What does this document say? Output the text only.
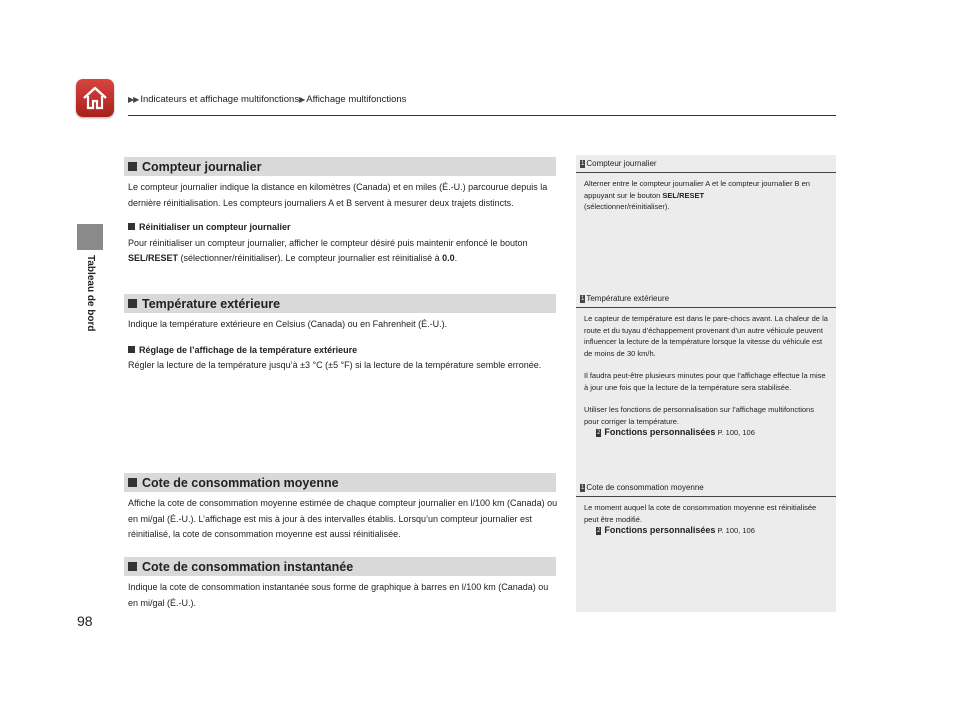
▶▶ Indicateurs et affichage multifonctions▶ Affichage multifonctions
Tableau de bord
98
Compteur journalier
Le compteur journalier indique la distance en kilomètres (Canada) et en miles (É.-U.) parcourue depuis la dernière réinitialisation. Les compteurs journaliers A et B servent à mesurer deux trajets distincts.
Réinitialiser un compteur journalier
Pour réinitialiser un compteur journalier, afficher le compteur désiré puis maintenir enfoncé le bouton SEL/RESET (sélectionner/réinitialiser). Le compteur journalier est réinitialisé à 0.0.
Température extérieure
Indique la température extérieure en Celsius (Canada) ou en Fahrenheit (É.-U.).
Réglage de l’affichage de la température extérieure
Régler la lecture de la température jusqu’à ±3 °C (±5 °F) si la lecture de la température semble erronée.
Cote de consommation moyenne
Affiche la cote de consommation moyenne estimée de chaque compteur journalier en l/100 km (Canada) ou en mi/gal (É.-U.). L’affichage est mis à jour à des intervalles établis. Lorsqu’un compteur journalier est réinitialisé, la cote de consommation moyenne est aussi réinitialisée.
Cote de consommation instantanée
Indique la cote de consommation instantanée sous forme de graphique à barres en l/100 km (Canada) ou en mi/gal (É.-U.).
1 Compteur journalier

Alterner entre le compteur journalier A et le compteur journalier B en appuyant sur le bouton SEL/RESET

(sélectionner/réinitialiser).

1 Température extérieure

Le capteur de température est dans le pare-chocs avant. La chaleur de la route et du tuyau d’échappement provenant d’un autre véhicule peuvent influencer la lecture de la température lorsque la vitesse du véhicule est de moins de 30 km/h.

Il faudra peut-être plusieurs minutes pour que l’affichage effectue la mise à jour une fois que la lecture de la température sera stabilisée.

Utiliser les fonctions de personnalisation sur l’affichage multifonctions pour corriger la température.

2 Fonctions personnalisées P. 100, 106

1 Cote de consommation moyenne

Le moment auquel la cote de consommation moyenne est réinitialisée peut être modifié.

2 Fonctions personnalisées P. 100, 106
